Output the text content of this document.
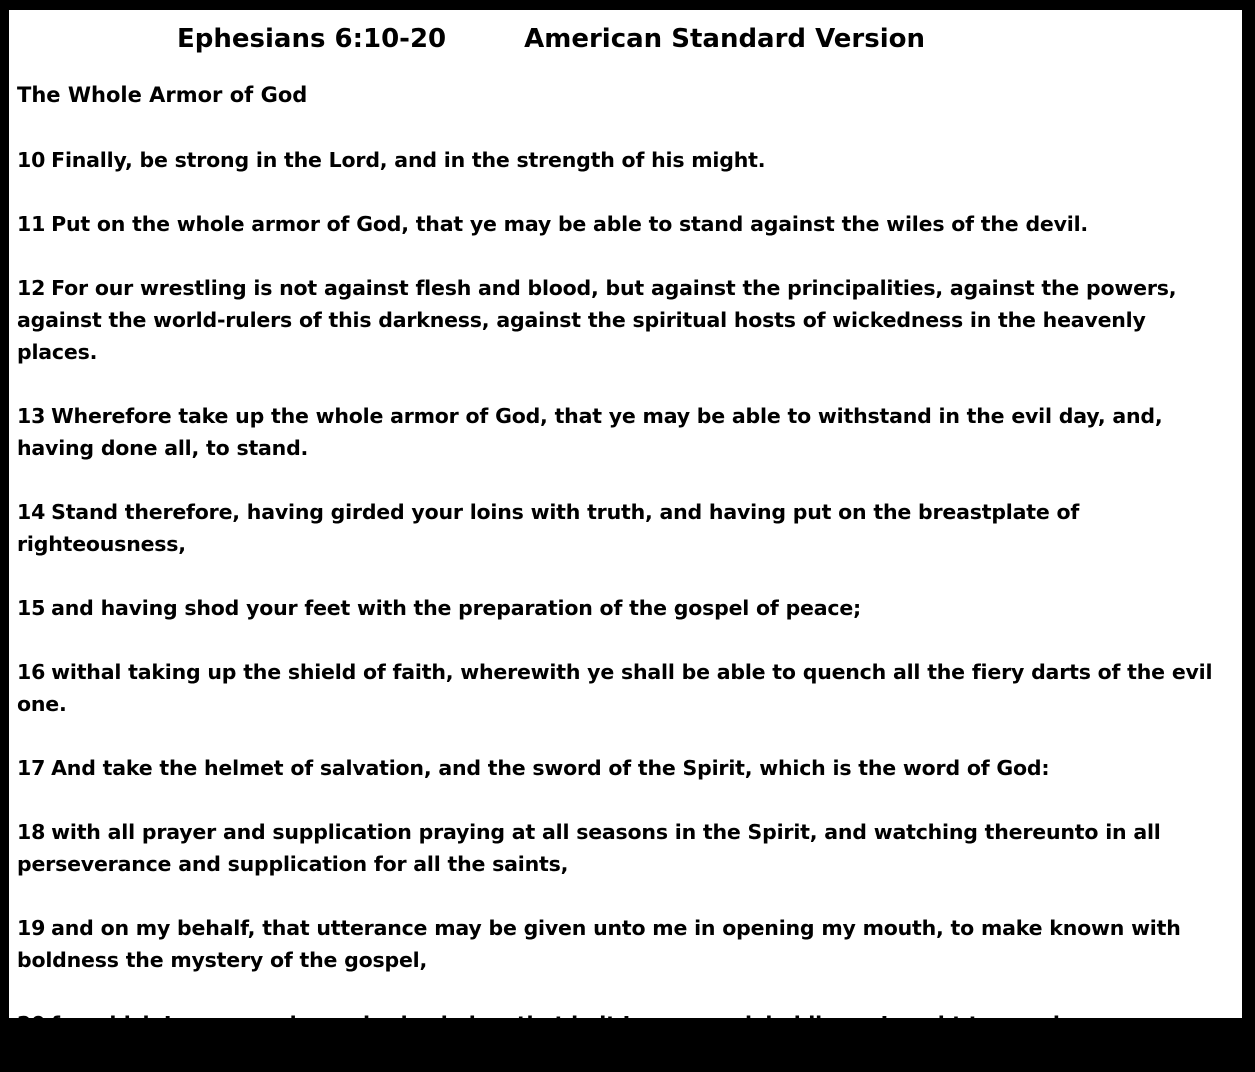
Ephesians 6:10-20	American Standard Version
The Whole Armor of God
10 Finally, be strong in the Lord, and in the strength of his might.
11 Put on the whole armor of God, that ye may be able to stand against the wiles of the devil.
12 For our wrestling is not against flesh and blood, but against the principalities, against the powers, against the world-rulers of this darkness, against the spiritual hosts of wickedness in the heavenly places.
13 Wherefore take up the whole armor of God, that ye may be able to withstand in the evil day, and, having done all, to stand.
14 Stand therefore, having girded your loins with truth, and having put on the breastplate of righteousness,
15 and having shod your feet with the preparation of the gospel of peace;
16 withal taking up the shield of faith, wherewith ye shall be able to quench all the fiery darts of the evil one.
17 And take the helmet of salvation, and the sword of the Spirit, which is the word of God:
18 with all prayer and supplication praying at all seasons in the Spirit, and watching thereunto in all perseverance and supplication for all the saints,
19 and on my behalf, that utterance may be given unto me in opening my mouth, to make known with boldness the mystery of the gospel,
20 for which I am an ambassador in chains; that in it I may speak boldly, as I ought to speak.
